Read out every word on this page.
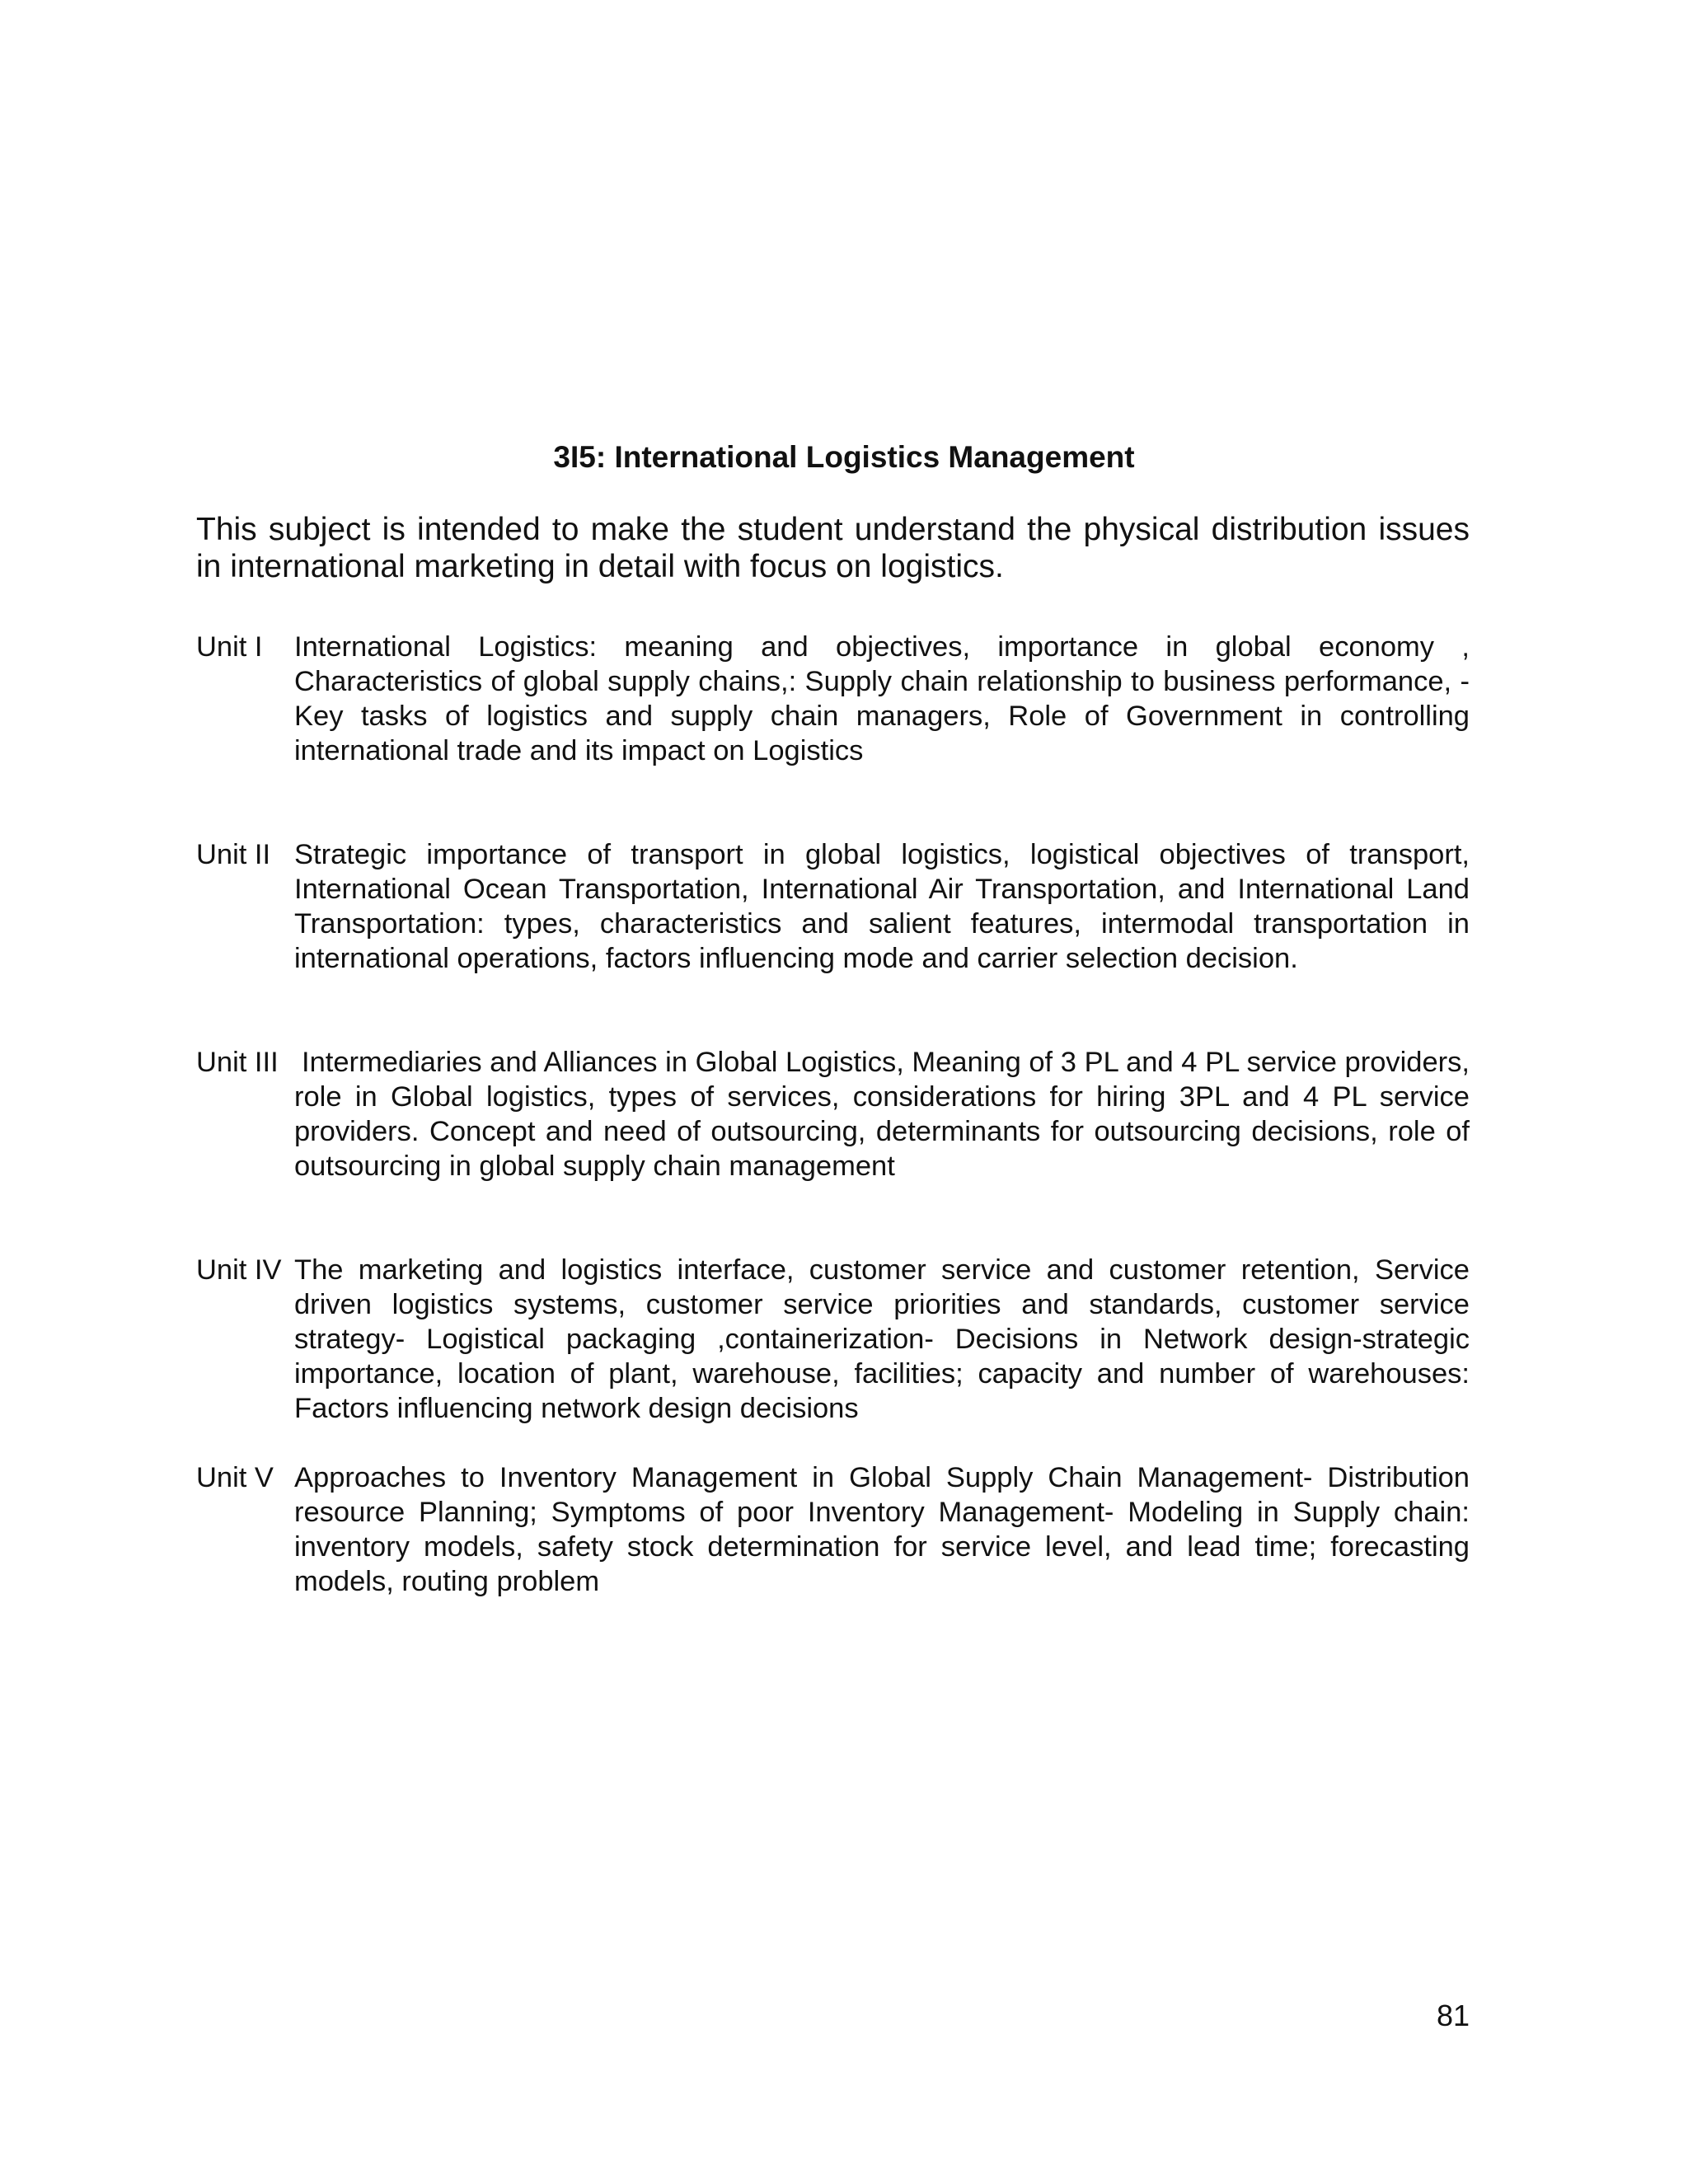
3I5: International Logistics Management
This subject is intended to make the student understand the physical distribution issues in international marketing in detail with focus on logistics.
Unit I International Logistics: meaning and objectives, importance in global economy , Characteristics of global supply chains,: Supply chain relationship to business performance, -Key tasks of logistics and supply chain managers, Role of Government in controlling international trade and its impact on Logistics
Unit II Strategic importance of transport in global logistics, logistical objectives of transport, International Ocean Transportation, International Air Transportation, and International Land Transportation: types, characteristics and salient features, intermodal transportation in international operations, factors influencing mode and carrier selection decision.
Unit III Intermediaries and Alliances in Global Logistics, Meaning of 3 PL and 4 PL service providers, role in Global logistics, types of services, considerations for hiring 3PL and 4 PL service providers. Concept and need of outsourcing, determinants for outsourcing decisions, role of outsourcing in global supply chain management
Unit IV The marketing and logistics interface, customer service and customer retention, Service driven logistics systems, customer service priorities and standards, customer service strategy- Logistical packaging ,containerization- Decisions in Network design-strategic importance, location of plant, warehouse, facilities; capacity and number of warehouses: Factors influencing network design decisions
Unit V Approaches to Inventory Management in Global Supply Chain Management- Distribution resource Planning; Symptoms of poor Inventory Management- Modeling in Supply chain: inventory models, safety stock determination for service level, and lead time; forecasting models, routing problem
81
